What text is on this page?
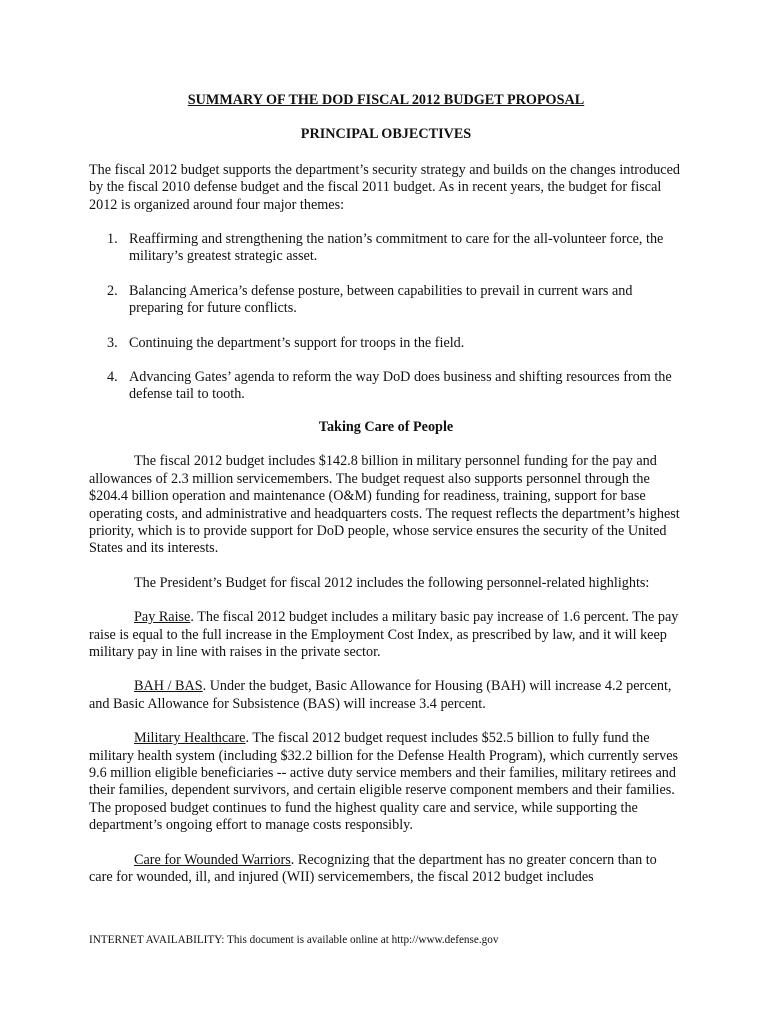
SUMMARY OF THE DOD FISCAL 2012 BUDGET PROPOSAL

PRINCIPAL OBJECTIVES

The fiscal 2012 budget supports the department’s security strategy and builds on the changes introduced by the fiscal 2010 defense budget and the fiscal 2011 budget. As in recent years, the budget for fiscal 2012 is organized around four major themes:

1. Reaffirming and strengthening the nation’s commitment to care for the all-volunteer force, the military’s greatest strategic asset.
2. Balancing America’s defense posture, between capabilities to prevail in current wars and preparing for future conflicts.
3. Continuing the department’s support for troops in the field.
4. Advancing Gates’ agenda to reform the way DoD does business and shifting resources from the defense tail to tooth.

Taking Care of People

The fiscal 2012 budget includes $142.8 billion in military personnel funding for the pay and allowances of 2.3 million servicemembers. The budget request also supports personnel through the $204.4 billion operation and maintenance (O&M) funding for readiness, training, support for base operating costs, and administrative and headquarters costs. The request reflects the department’s highest priority, which is to provide support for DoD people, whose service ensures the security of the United States and its interests.

The President’s Budget for fiscal 2012 includes the following personnel-related highlights:

Pay Raise. The fiscal 2012 budget includes a military basic pay increase of 1.6 percent. The pay raise is equal to the full increase in the Employment Cost Index, as prescribed by law, and it will keep military pay in line with raises in the private sector.

BAH / BAS. Under the budget, Basic Allowance for Housing (BAH) will increase 4.2 percent, and Basic Allowance for Subsistence (BAS) will increase 3.4 percent.

Military Healthcare. The fiscal 2012 budget request includes $52.5 billion to fully fund the military health system (including $32.2 billion for the Defense Health Program), which currently serves 9.6 million eligible beneficiaries -- active duty service members and their families, military retirees and their families, dependent survivors, and certain eligible reserve component members and their families. The proposed budget continues to fund the highest quality care and service, while supporting the department’s ongoing effort to manage costs responsibly.

Care for Wounded Warriors. Recognizing that the department has no greater concern than to care for wounded, ill, and injured (WII) servicemembers, the fiscal 2012 budget includes

INTERNET AVAILABILITY: This document is available online at http://www.defense.gov
